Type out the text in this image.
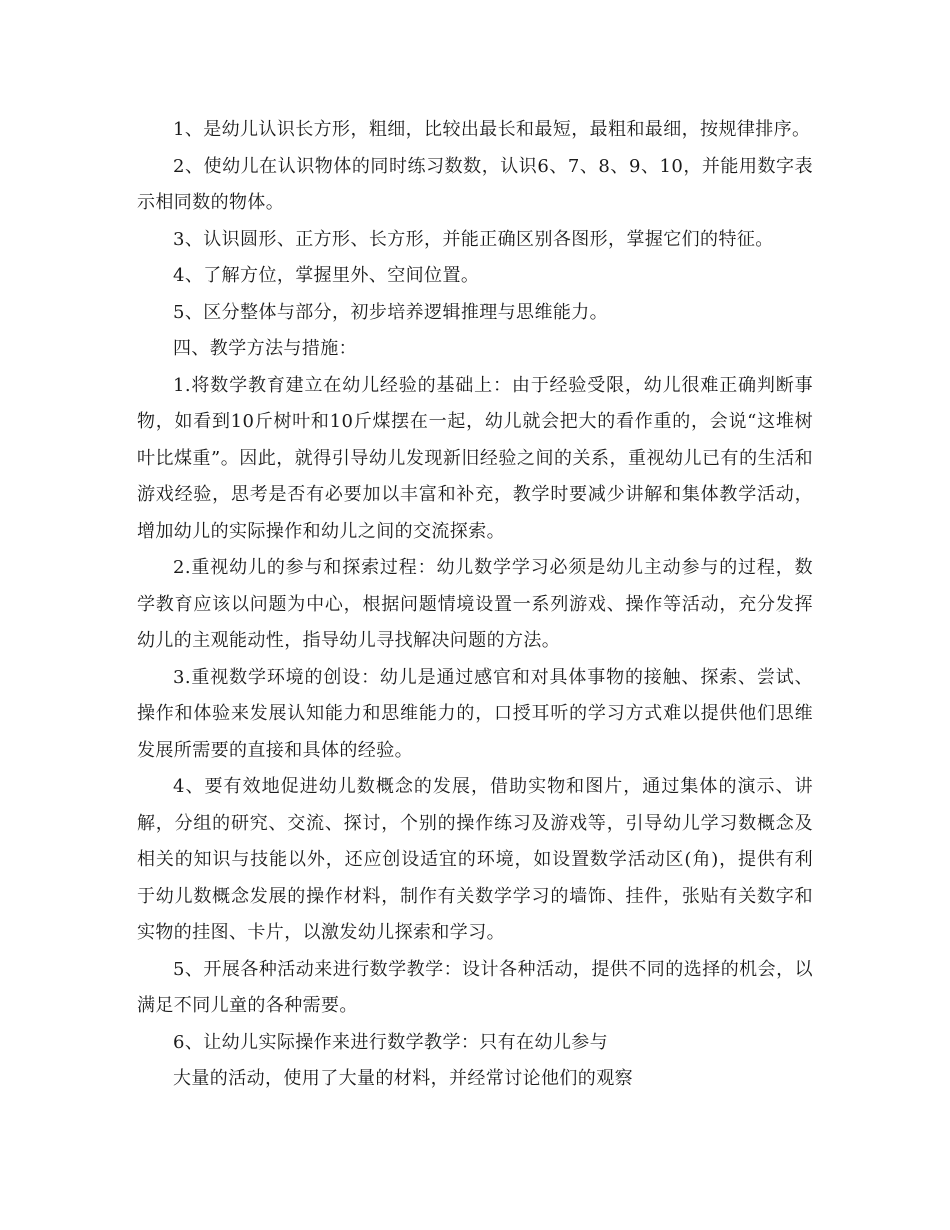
1、是幼儿认识长方形，粗细，比较出最长和最短，最粗和最细，按规律排序。

2、使幼儿在认识物体的同时练习数数，认识6、7、8、9、10，并能用数字表示相同数的物体。

3、认识圆形、正方形、长方形，并能正确区别各图形，掌握它们的特征。

4、了解方位，掌握里外、空间位置。

5、区分整体与部分，初步培养逻辑推理与思维能力。

四、教学方法与措施：

1.将数学教育建立在幼儿经验的基础上：由于经验受限，幼儿很难正确判断事物，如看到10斤树叶和10斤煤摆在一起，幼儿就会把大的看作重的，会说“这堆树叶比煤重”。因此，就得引导幼儿发现新旧经验之间的关系，重视幼儿已有的生活和游戏经验，思考是否有必要加以丰富和补充，教学时要减少讲解和集体教学活动，增加幼儿的实际操作和幼儿之间的交流探索。

2.重视幼儿的参与和探索过程：幼儿数学学习必须是幼儿主动参与的过程，数学教育应该以问题为中心，根据问题情境设置一系列游戏、操作等活动，充分发挥幼儿的主观能动性，指导幼儿寻找解决问题的方法。

3.重视数学环境的创设：幼儿是通过感官和对具体事物的接触、探索、尝试、操作和体验来发展认知能力和思维能力的，口授耳听的学习方式难以提供他们思维发展所需要的直接和具体的经验。

4、要有效地促进幼儿数概念的发展，借助实物和图片，通过集体的演示、讲解，分组的研究、交流、探讨，个别的操作练习及游戏等，引导幼儿学习数概念及相关的知识与技能以外，还应创设适宜的环境，如设置数学活动区(角)，提供有利于幼儿数概念发展的操作材料，制作有关数学学习的墙饰、挂件，张贴有关数字和实物的挂图、卡片，以激发幼儿探索和学习。

5、开展各种活动来进行数学教学：设计各种活动，提供不同的选择的机会，以满足不同儿童的各种需要。

6、让幼儿实际操作来进行数学教学：只有在幼儿参与

大量的活动，使用了大量的材料，并经常讨论他们的观察
